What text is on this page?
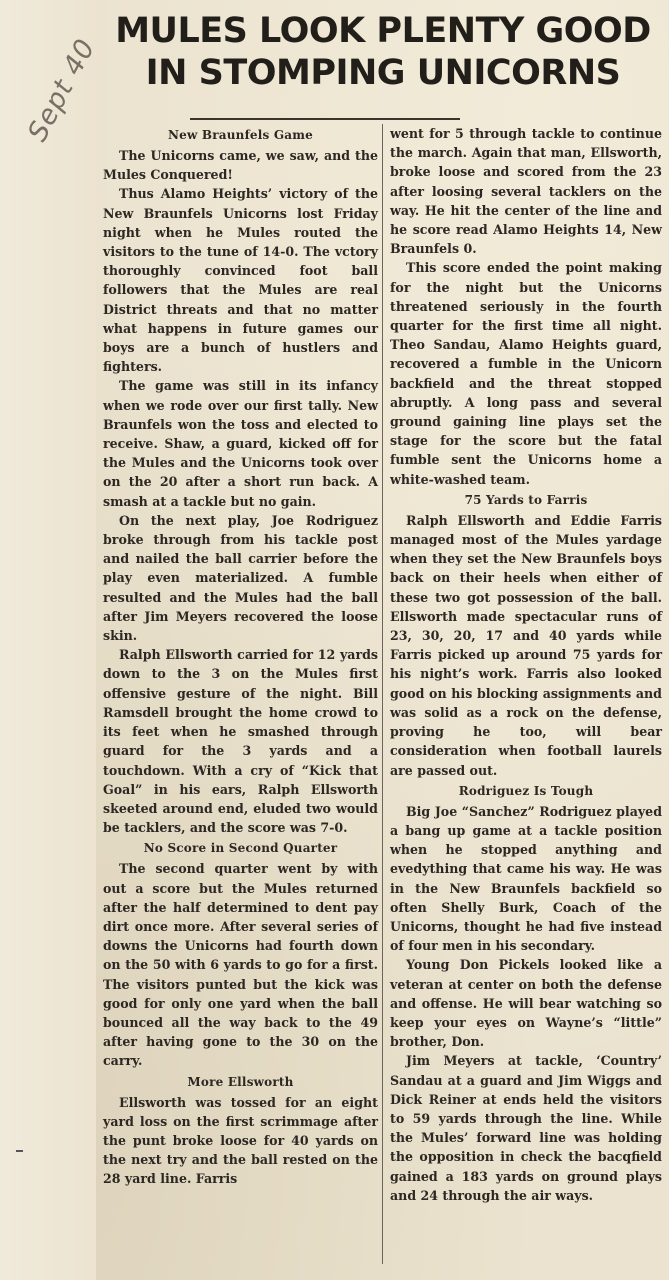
Sept 40
MULES LOOK PLENTY GOOD
IN STOMPING UNICORNS
New Braunfels Game

The Unicorns came, we saw, and the Mules Conquered!

Thus Alamo Heights’ victory of the New Braunfels Unicorns lost Friday night when he Mules routed the visitors to the tune of 14-0. The vctory thoroughly convinced foot ball followers that the Mules are real District threats and that no matter what happens in future games our boys are a bunch of hustlers and fighters.

The game was still in its infancy when we rode over our first tally. New Braunfels won the toss and elected to receive. Shaw, a guard, kicked off for the Mules and the Unicorns took over on the 20 after a short run back. A smash at a tackle but no gain.

On the next play, Joe Rodriguez broke through from his tackle post and nailed the ball carrier before the play even materialized. A fumble resulted and the Mules had the ball after Jim Meyers recovered the loose skin.

Ralph Ellsworth carried for 12 yards down to the 3 on the Mules first offensive gesture of the night. Bill Ramsdell brought the home crowd to its feet when he smashed through guard for the 3 yards and a touchdown. With a cry of “Kick that Goal” in his ears, Ralph Ellsworth skeeted around end, eluded two would be tacklers, and the score was 7-0.

No Score in Second Quarter

The second quarter went by with out a score but the Mules returned after the half determined to dent pay dirt once more. After several series of downs the Unicorns had fourth down on the 50 with 6 yards to go for a first. The visitors punted but the kick was good for only one yard when the ball bounced all the way back to the 49 after having gone to the 30 on the carry.

More Ellsworth

Ellsworth was tossed for an eight yard loss on the first scrimmage after the punt broke loose for 40 yards on the next try and the ball rested on the 28 yard line. Farris

went for 5 through tackle to continue the march. Again that man, Ellsworth, broke loose and scored from the 23 after loosing several tacklers on the way. He hit the center of the line and he score read Alamo Heights 14, New Braunfels 0.

This score ended the point making for the night but the Unicorns threatened seriously in the fourth quarter for the first time all night. Theo Sandau, Alamo Heights guard, recovered a fumble in the Unicorn backfield and the threat stopped abruptly. A long pass and several ground gaining line plays set the stage for the score but the fatal fumble sent the Unicorns home a white-washed team.

75 Yards to Farris

Ralph Ellsworth and Eddie Farris managed most of the Mules yardage when they set the New Braunfels boys back on their heels when either of these two got possession of the ball. Ellsworth made spectacular runs of 23, 30, 20, 17 and 40 yards while Farris picked up around 75 yards for his night’s work. Farris also looked good on his blocking assignments and was solid as a rock on the defense, proving he too, will bear consideration when football laurels are passed out.

Rodriguez Is Tough

Big Joe “Sanchez” Rodriguez played a bang up game at a tackle position when he stopped anything and evedything that came his way. He was in the New Braunfels backfield so often Shelly Burk, Coach of the Unicorns, thought he had five instead of four men in his secondary.

Young Don Pickels looked like a veteran at center on both the defense and offense. He will bear watching so keep your eyes on Wayne’s “little” brother, Don.

Jim Meyers at tackle, ‘Country’ Sandau at a guard and Jim Wiggs and Dick Reiner at ends held the visitors to 59 yards through the line. While the Mules’ forward line was holding the opposition in check the bacqfield gained a 183 yards on ground plays and 24 through the air ways.
